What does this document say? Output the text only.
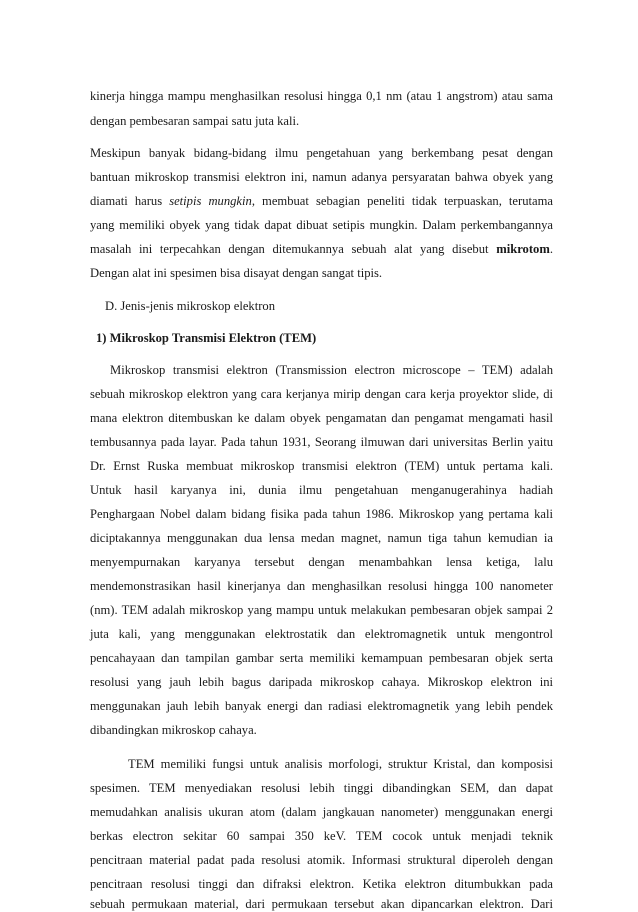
kinerja hingga mampu menghasilkan resolusi hingga 0,1 nm (atau 1 angstrom) atau sama
dengan pembesaran sampai satu juta kali.
Meskipun banyak bidang-bidang ilmu pengetahuan yang berkembang pesat dengan
bantuan mikroskop transmisi elektron ini, namun adanya persyaratan bahwa obyek yang
diamati harus setipis mungkin, membuat sebagian peneliti tidak terpuaskan, terutama
yang memiliki obyek yang tidak dapat dibuat setipis mungkin. Dalam perkembangannya
masalah ini terpecahkan dengan ditemukannya sebuah alat yang disebut mikrotom.
Dengan alat ini spesimen bisa disayat dengan sangat tipis.
D. Jenis-jenis mikroskop elektron
1) Mikroskop Transmisi Elektron (TEM)
Mikroskop transmisi elektron (Transmission electron microscope – TEM) adalah
sebuah mikroskop elektron yang cara kerjanya mirip dengan cara kerja proyektor slide, di
mana elektron ditembuskan ke dalam obyek pengamatan dan pengamat mengamati hasil
tembusannya pada layar. Pada tahun 1931, Seorang ilmuwan dari universitas Berlin yaitu
Dr. Ernst Ruska membuat mikroskop transmisi elektron (TEM) untuk pertama kali.
Untuk hasil karyanya ini, dunia ilmu pengetahuan menganugerahinya hadiah
Penghargaan Nobel dalam bidang fisika pada tahun 1986. Mikroskop yang pertama kali
diciptakannya menggunakan dua lensa medan magnet, namun tiga tahun kemudian ia
menyempurnakan karyanya tersebut dengan menambahkan lensa ketiga, lalu
mendemonstrasikan hasil kinerjanya dan menghasilkan resolusi hingga 100 nanometer
(nm). TEM adalah mikroskop yang mampu untuk melakukan pembesaran objek sampai 2
juta kali, yang menggunakan elektrostatik dan elektromagnetik untuk mengontrol
pencahayaan dan tampilan gambar serta memiliki kemampuan pembesaran objek serta
resolusi yang jauh lebih bagus daripada mikroskop cahaya. Mikroskop elektron ini
menggunakan jauh lebih banyak energi dan radiasi elektromagnetik yang lebih pendek
dibandingkan mikroskop cahaya.
TEM memiliki fungsi untuk analisis morfologi, struktur Kristal, dan komposisi
spesimen. TEM menyediakan resolusi lebih tinggi dibandingkan SEM, dan dapat
memudahkan analisis ukuran atom (dalam jangkauan nanometer) menggunakan energi
berkas electron sekitar 60 sampai 350 keV. TEM cocok untuk menjadi teknik
pencitraan material padat pada resolusi atomik. Informasi struktural diperoleh dengan
pencitraan resolusi tinggi dan difraksi elektron. Ketika elektron ditumbukkan pada
sebuah permukaan material, dari permukaan tersebut akan dipancarkan elektron. Dari
